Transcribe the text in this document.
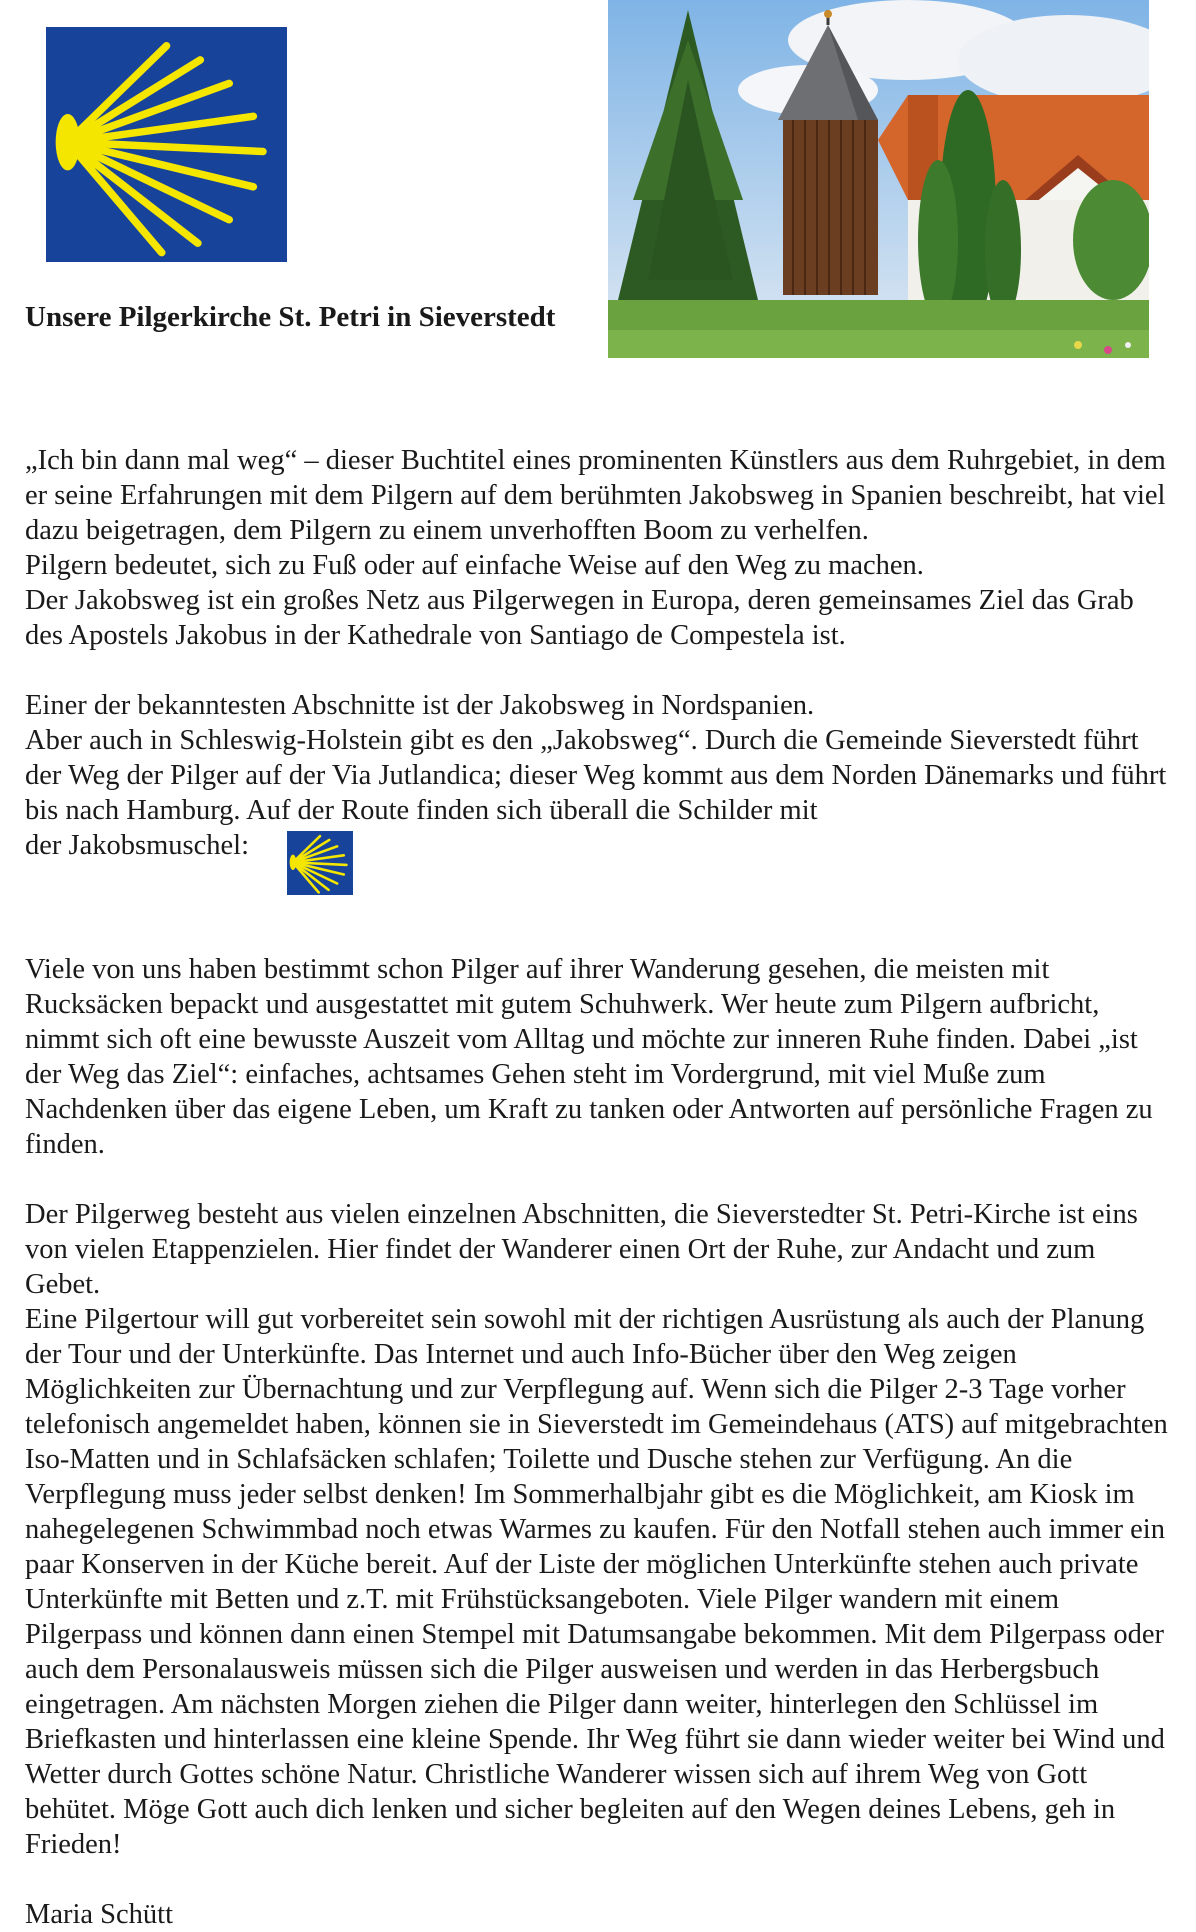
Unsere Pilgerkirche St. Petri in Sieverstedt

„Ich bin dann mal weg“ – dieser Buchtitel eines prominenten Künstlers aus dem Ruhrgebiet, in dem er seine Erfahrungen mit dem Pilgern auf dem berühmten Jakobsweg in Spanien beschreibt, hat viel dazu beigetragen, dem Pilgern zu einem unverhofften Boom zu verhelfen.

Pilgern bedeutet, sich zu Fuß oder auf einfache Weise auf den Weg zu machen.

Der Jakobsweg ist ein großes Netz aus Pilgerwegen in Europa, deren gemeinsames Ziel das Grab des Apostels Jakobus in der Kathedrale von Santiago de Compestela ist.

Einer der bekanntesten Abschnitte ist der Jakobsweg in Nordspanien.

Aber auch in Schleswig-Holstein gibt es den „Jakobsweg“. Durch die Gemeinde Sieverstedt führt der Weg der Pilger auf der Via Jutlandica; dieser Weg kommt aus dem Norden Dänemarks und führt bis nach Hamburg. Auf der Route finden sich überall die Schilder mit

der Jakobsmuschel:

Viele von uns haben bestimmt schon Pilger auf ihrer Wanderung gesehen, die meisten mit Rucksäcken bepackt und ausgestattet mit gutem Schuhwerk. Wer heute zum Pilgern aufbricht, nimmt sich oft eine bewusste Auszeit vom Alltag und möchte zur inneren Ruhe finden. Dabei „ist der Weg das Ziel“: einfaches, achtsames Gehen steht im Vordergrund, mit viel Muße zum Nachdenken über das eigene Leben, um Kraft zu tanken oder Antworten auf persönliche Fragen zu finden.

Der Pilgerweg besteht aus vielen einzelnen Abschnitten, die Sieverstedter St. Petri-Kirche ist eins von vielen Etappenzielen. Hier findet der Wanderer einen Ort der Ruhe, zur Andacht und zum Gebet.

Eine Pilgertour will gut vorbereitet sein sowohl mit der richtigen Ausrüstung als auch der Planung der Tour und der Unterkünfte. Das Internet und auch Info-Bücher über den Weg zeigen Möglichkeiten zur Übernachtung und zur Verpflegung auf. Wenn sich die Pilger 2-3 Tage vorher telefonisch angemeldet haben, können sie in Sieverstedt im Gemeindehaus (ATS) auf mitgebrachten Iso-Matten und in Schlafsäcken schlafen; Toilette und Dusche stehen zur Verfügung. An die Verpflegung muss jeder selbst denken! Im Sommerhalbjahr gibt es die Möglichkeit, am Kiosk im nahegelegenen Schwimmbad noch etwas Warmes zu kaufen. Für den Notfall stehen auch immer ein paar Konserven in der Küche bereit. Auf der Liste der möglichen Unterkünfte stehen auch private Unterkünfte mit Betten und z.T. mit Frühstücksangeboten. Viele Pilger wandern mit einem Pilgerpass und können dann einen Stempel mit Datumsangabe bekommen. Mit dem Pilgerpass oder auch dem Personalausweis müssen sich die Pilger ausweisen und werden in das Herbergsbuch eingetragen. Am nächsten Morgen ziehen die Pilger dann weiter, hinterlegen den Schlüssel im Briefkasten und hinterlassen eine kleine Spende. Ihr Weg führt sie dann wieder weiter bei Wind und Wetter durch Gottes schöne Natur. Christliche Wanderer wissen sich auf ihrem Weg von Gott behütet. Möge Gott auch dich lenken und sicher begleiten auf den Wegen deines Lebens, geh in Frieden!

Maria Schütt
